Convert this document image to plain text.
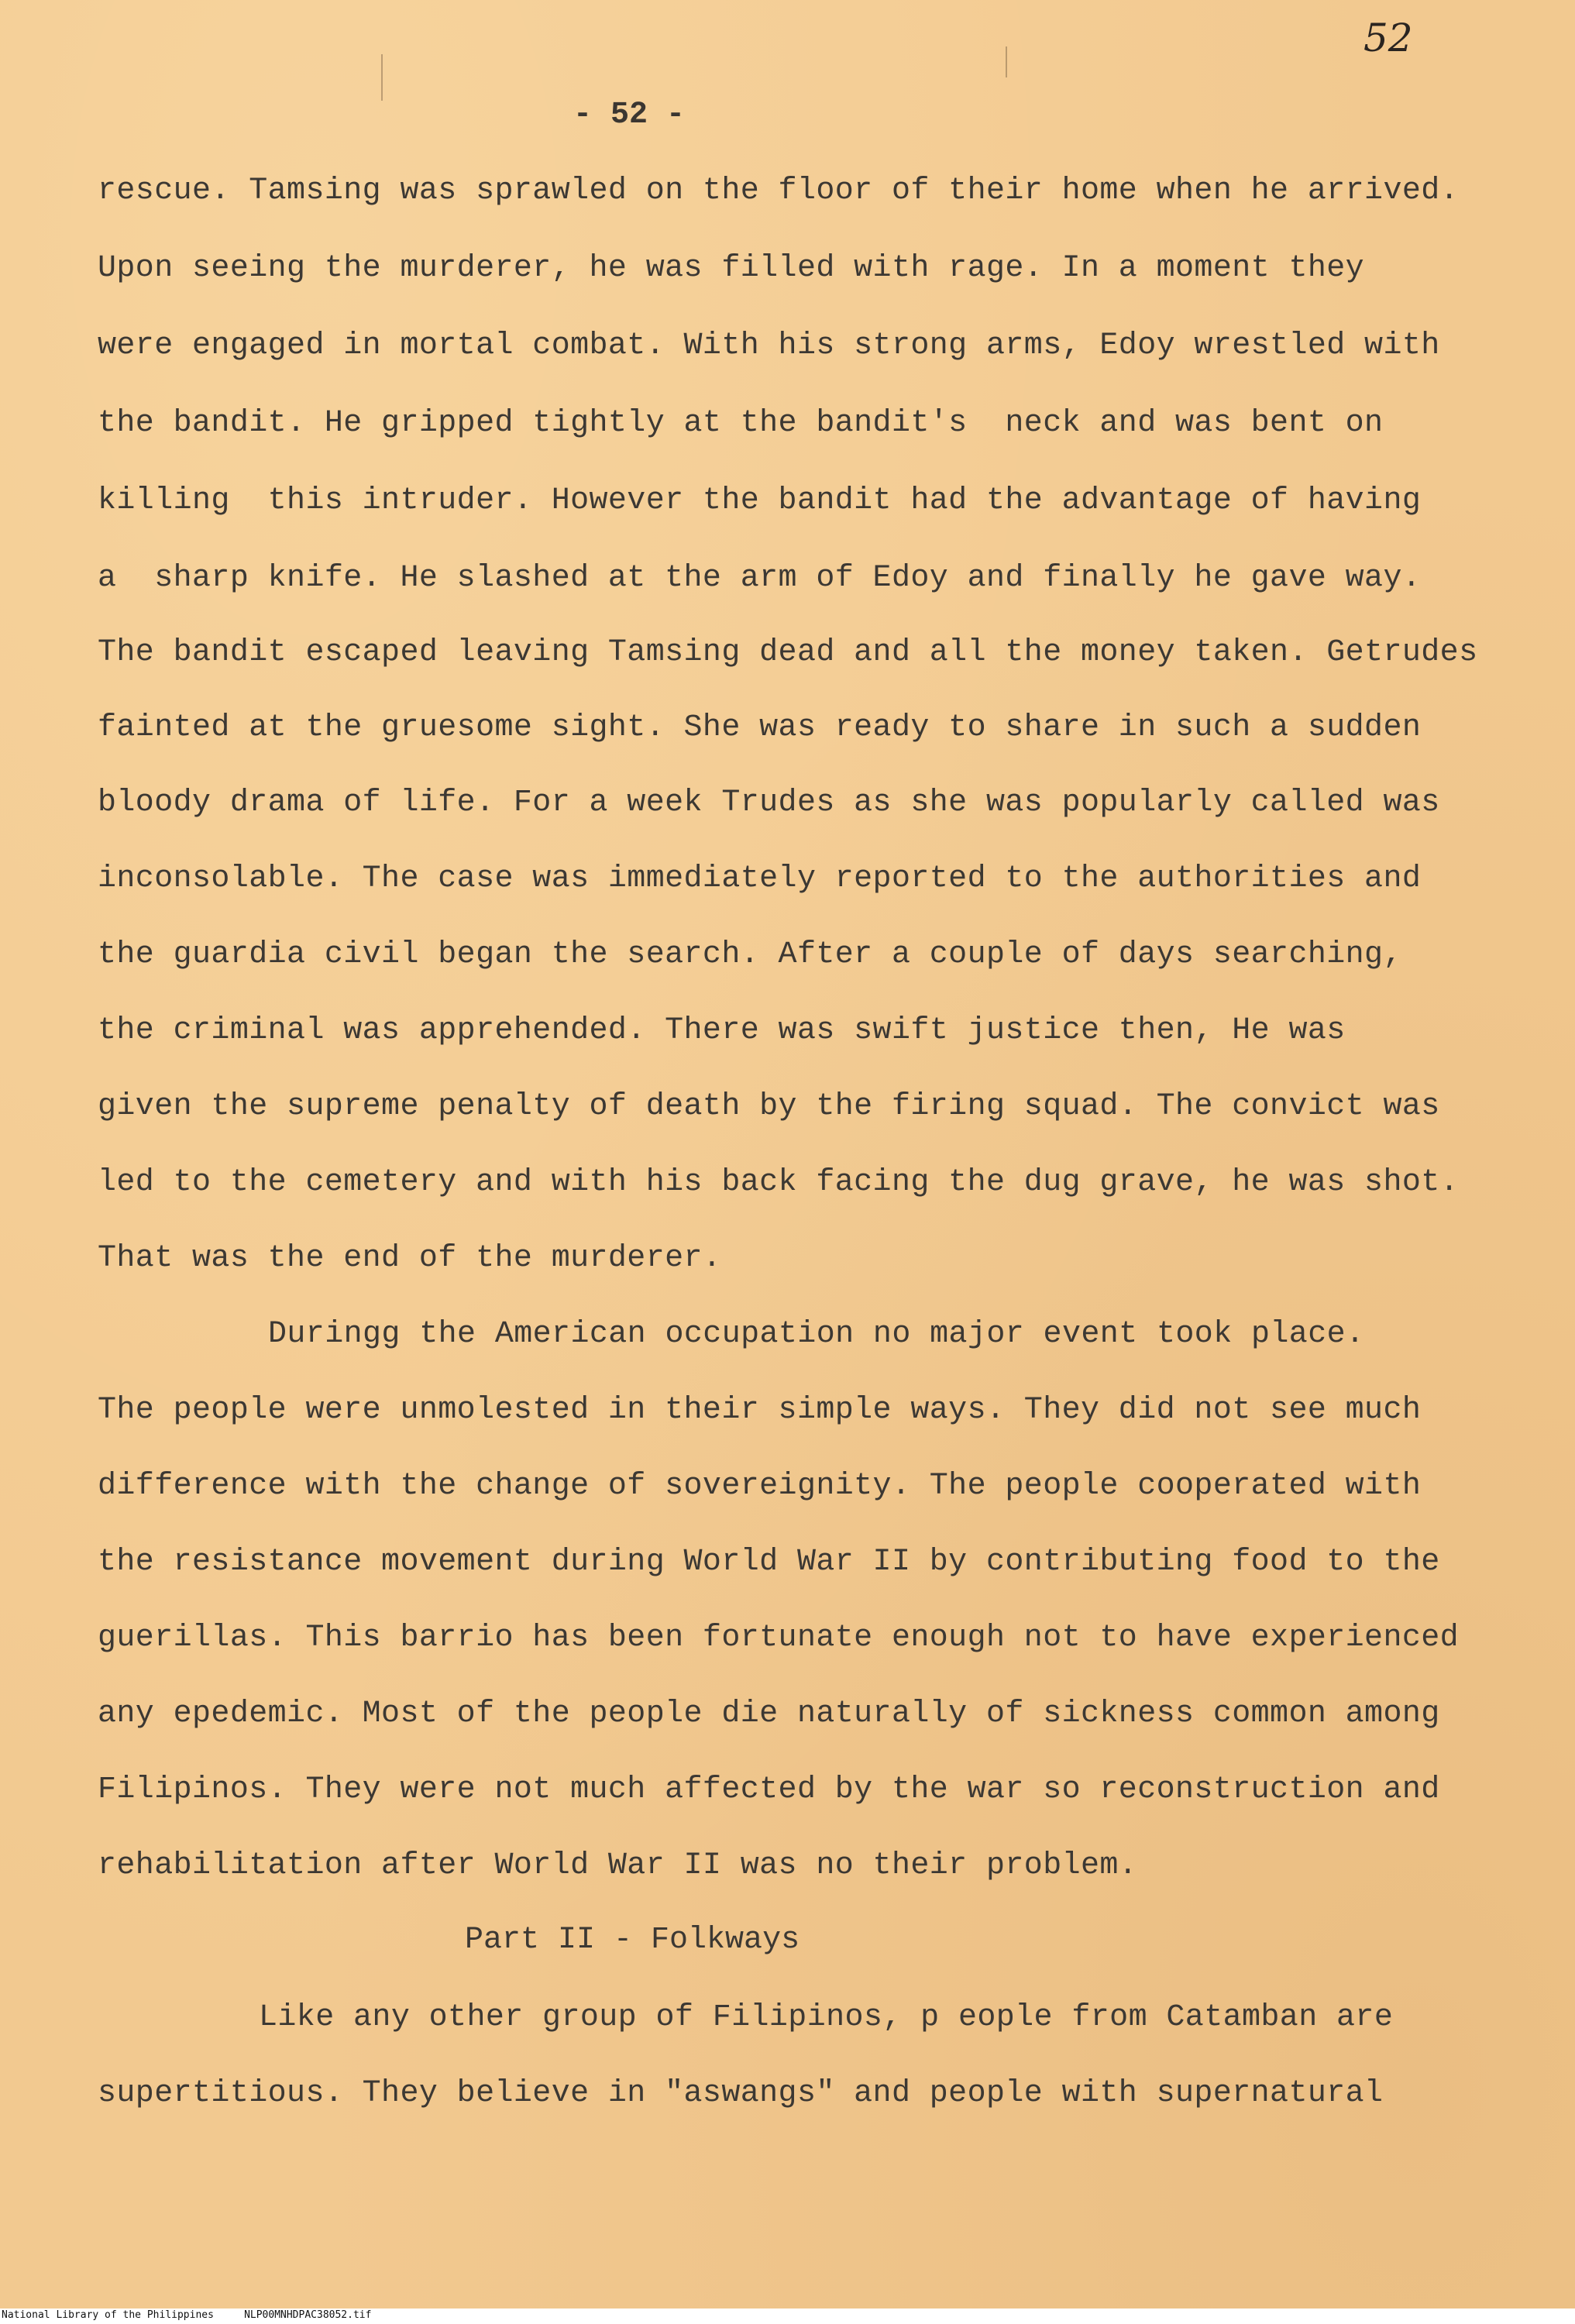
52
- 52 -
rescue. Tamsing was sprawled on the floor of their home when he arrived.
Upon seeing the murderer, he was filled with rage. In a moment they
were engaged in mortal combat. With his strong arms, Edoy wrestled with
the bandit. He gripped tightly at the bandit's  neck and was bent on
killing  this intruder. However the bandit had the advantage of having
a  sharp knife. He slashed at the arm of Edoy and finally he gave way.
The bandit escaped leaving Tamsing dead and all the money taken. Getrudes
fainted at the gruesome sight. She was ready to share in such a sudden
bloody drama of life. For a week Trudes as she was popularly called was
inconsolable. The case was immediately reported to the authorities and
the guardia civil began the search. After a couple of days searching,
the criminal was apprehended. There was swift justice then, He was
given the supreme penalty of death by the firing squad. The convict was
led to the cemetery and with his back facing the dug grave, he was shot.
That was the end of the murderer.
Duringg the American occupation no major event took place.
The people were unmolested in their simple ways. They did not see much
difference with the change of sovereignity. The people cooperated with
the resistance movement during World War II by contributing food to the
guerillas. This barrio has been fortunate enough not to have experienced
any epedemic. Most of the people die naturally of sickness common among
Filipinos. They were not much affected by the war so reconstruction and
rehabilitation after World War II was no their problem.
Part II - Folkways
Like any other group of Filipinos, p eople from Catamban are
supertitious. They believe in "aswangs" and people with supernatural
National Library of the Philippines     NLP00MNHDPAC38052.tif
